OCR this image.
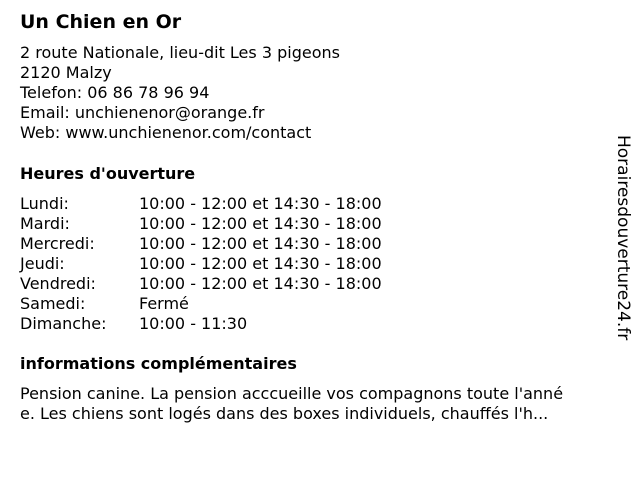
Un Chien en Or
2 route Nationale, lieu-dit Les 3 pigeons
2120 Malzy
Telefon: 06 86 78 96 94
Email: unchienenor@orange.fr
Web: www.unchienenor.com/contact
Heures d'ouverture
Lundi:	10:00 - 12:00 et 14:30 - 18:00
Mardi:	10:00 - 12:00 et 14:30 - 18:00
Mercredi:	10:00 - 12:00 et 14:30 - 18:00
Jeudi:	10:00 - 12:00 et 14:30 - 18:00
Vendredi:	10:00 - 12:00 et 14:30 - 18:00
Samedi:	Fermé
Dimanche:	10:00 - 11:30
informations complémentaires
Pension canine. La pension acccueille vos compagnons toute l'anné
e. Les chiens sont logés dans des boxes individuels, chauffés l'h...
Horairesdouverture24.fr
